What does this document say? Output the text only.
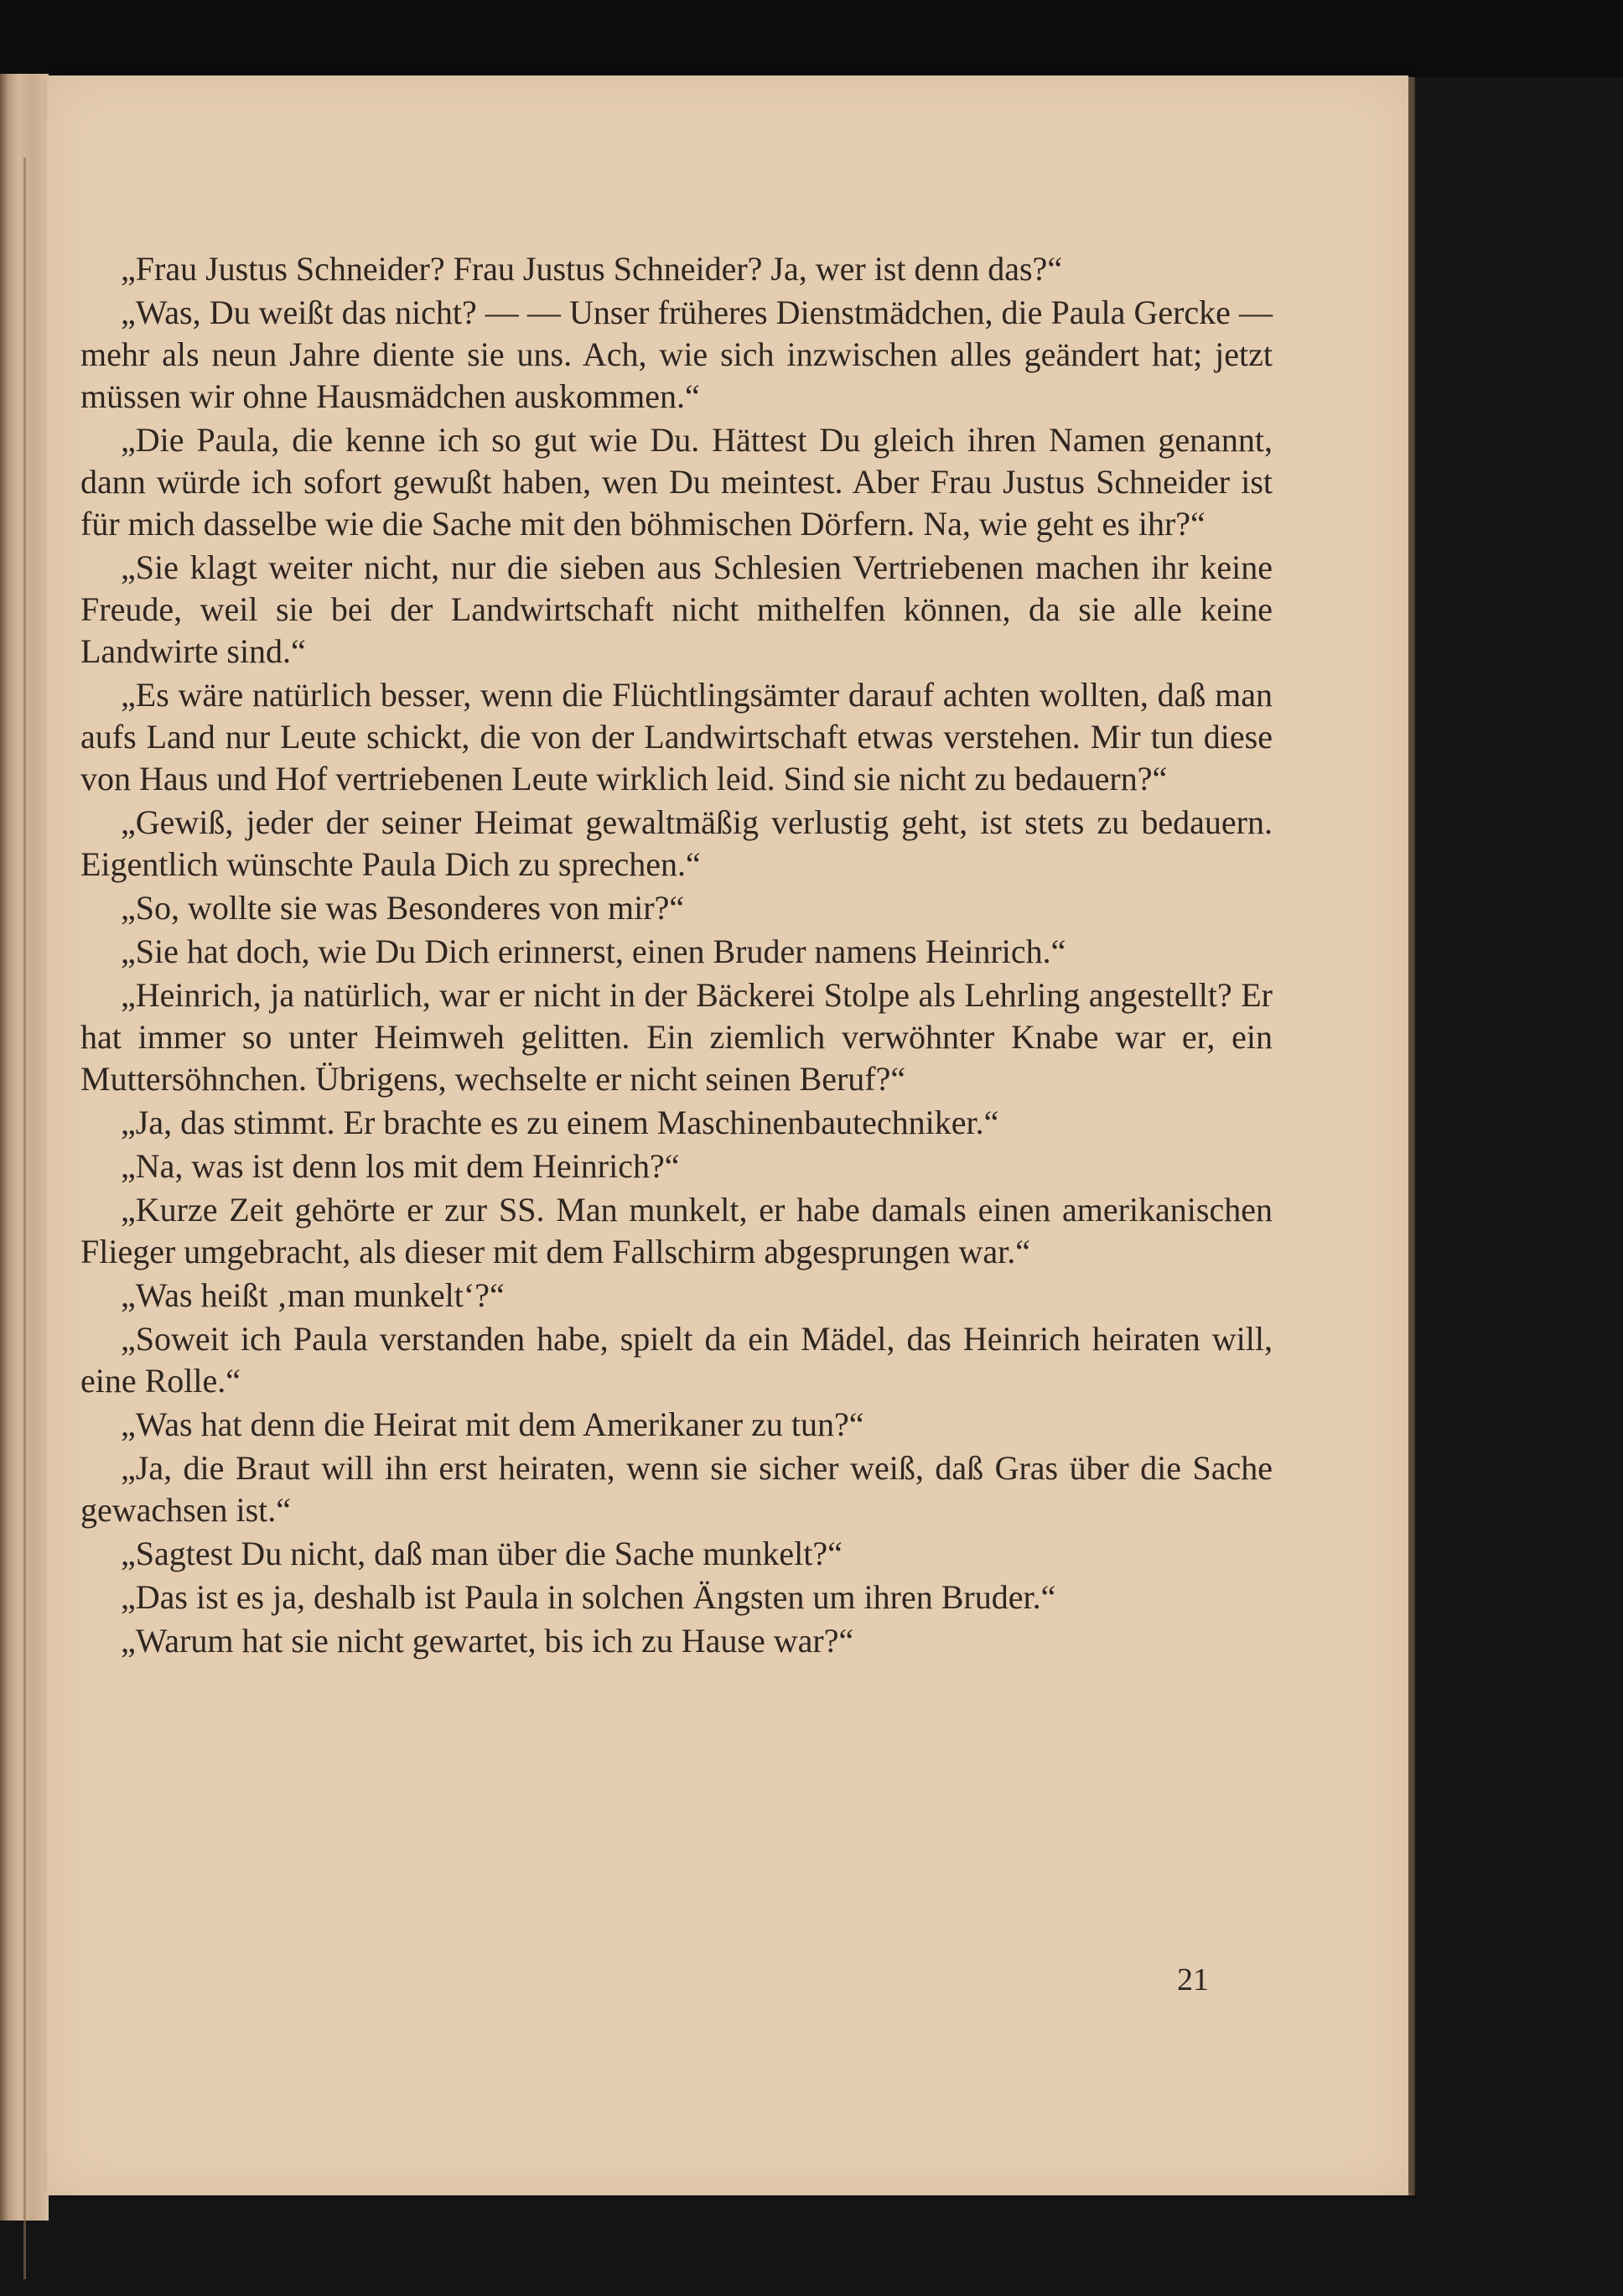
„Frau Justus Schneider? Frau Justus Schneider? Ja, wer ist denn das?“

„Was, Du weißt das nicht? — — Unser früheres Dienstmädchen, die Paula Gercke — mehr als neun Jahre diente sie uns. Ach, wie sich inzwischen alles geändert hat; jetzt müssen wir ohne Hausmädchen auskommen.“

„Die Paula, die kenne ich so gut wie Du. Hättest Du gleich ihren Namen genannt, dann würde ich sofort gewußt haben, wen Du meintest. Aber Frau Justus Schneider ist für mich dasselbe wie die Sache mit den böhmischen Dörfern. Na, wie geht es ihr?“

„Sie klagt weiter nicht, nur die sieben aus Schlesien Vertriebenen machen ihr keine Freude, weil sie bei der Landwirtschaft nicht mithelfen können, da sie alle keine Landwirte sind.“

„Es wäre natürlich besser, wenn die Flüchtlingsämter darauf achten wollten, daß man aufs Land nur Leute schickt, die von der Landwirtschaft etwas verstehen. Mir tun diese von Haus und Hof vertriebenen Leute wirklich leid. Sind sie nicht zu bedauern?“

„Gewiß, jeder der seiner Heimat gewaltmäßig verlustig geht, ist stets zu bedauern. Eigentlich wünschte Paula Dich zu sprechen.“

„So, wollte sie was Besonderes von mir?“

„Sie hat doch, wie Du Dich erinnerst, einen Bruder namens Heinrich.“

„Heinrich, ja natürlich, war er nicht in der Bäckerei Stolpe als Lehrling angestellt? Er hat immer so unter Heimweh gelitten. Ein ziemlich verwöhnter Knabe war er, ein Muttersöhnchen. Übrigens, wechselte er nicht seinen Beruf?“

„Ja, das stimmt. Er brachte es zu einem Maschinenbautechniker.“

„Na, was ist denn los mit dem Heinrich?“

„Kurze Zeit gehörte er zur SS. Man munkelt, er habe damals einen amerikanischen Flieger umgebracht, als dieser mit dem Fallschirm abgesprungen war.“

„Was heißt ‚man munkelt‘?“

„Soweit ich Paula verstanden habe, spielt da ein Mädel, das Heinrich heiraten will, eine Rolle.“

„Was hat denn die Heirat mit dem Amerikaner zu tun?“

„Ja, die Braut will ihn erst heiraten, wenn sie sicher weiß, daß Gras über die Sache gewachsen ist.“

„Sagtest Du nicht, daß man über die Sache munkelt?“

„Das ist es ja, deshalb ist Paula in solchen Ängsten um ihren Bruder.“

„Warum hat sie nicht gewartet, bis ich zu Hause war?“

21
